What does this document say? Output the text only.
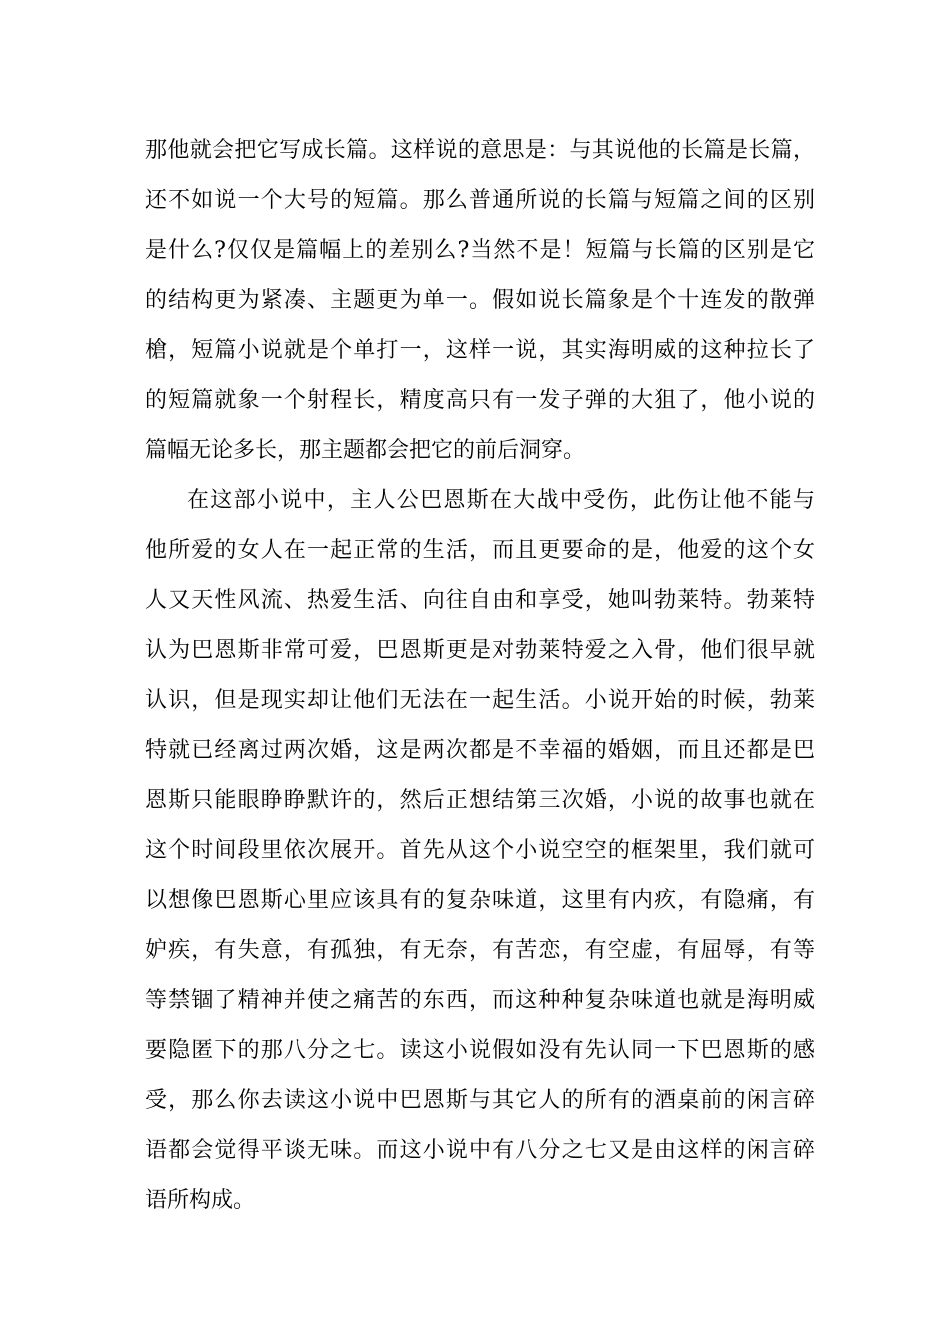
那他就会把它写成长篇。这样说的意思是：与其说他的长篇是长篇，
还不如说一个大号的短篇。那么普通所说的长篇与短篇之间的区别
是什么?仅仅是篇幅上的差别么?当然不是！短篇与长篇的区别是它
的结构更为紧凑、主题更为单一。假如说长篇象是个十连发的散弹
槍，短篇小说就是个单打一，这样一说，其实海明威的这种拉长了
的短篇就象一个射程长，精度高只有一发子弹的大狙了，他小说的
篇幅无论多长，那主题都会把它的前后洞穿。
在这部小说中，主人公巴恩斯在大战中受伤，此伤让他不能与
他所爱的女人在一起正常的生活，而且更要命的是，他爱的这个女
人又天性风流、热爱生活、向往自由和享受，她叫勃莱特。勃莱特
认为巴恩斯非常可爱，巴恩斯更是对勃莱特爱之入骨，他们很早就
认识，但是现实却让他们无法在一起生活。小说开始的时候，勃莱
特就已经离过两次婚，这是两次都是不幸福的婚姻，而且还都是巴
恩斯只能眼睁睁默许的，然后正想结第三次婚，小说的故事也就在
这个时间段里依次展开。首先从这个小说空空的框架里，我们就可
以想像巴恩斯心里应该具有的复杂味道，这里有内疚，有隐痛，有
妒疾，有失意，有孤独，有无奈，有苦恋，有空虚，有屈辱，有等
等禁锢了精神并使之痛苦的东西，而这种种复杂味道也就是海明威
要隐匿下的那八分之七。读这小说假如没有先认同一下巴恩斯的感
受，那么你去读这小说中巴恩斯与其它人的所有的酒桌前的闲言碎
语都会觉得平谈无味。而这小说中有八分之七又是由这样的闲言碎
语所构成。
